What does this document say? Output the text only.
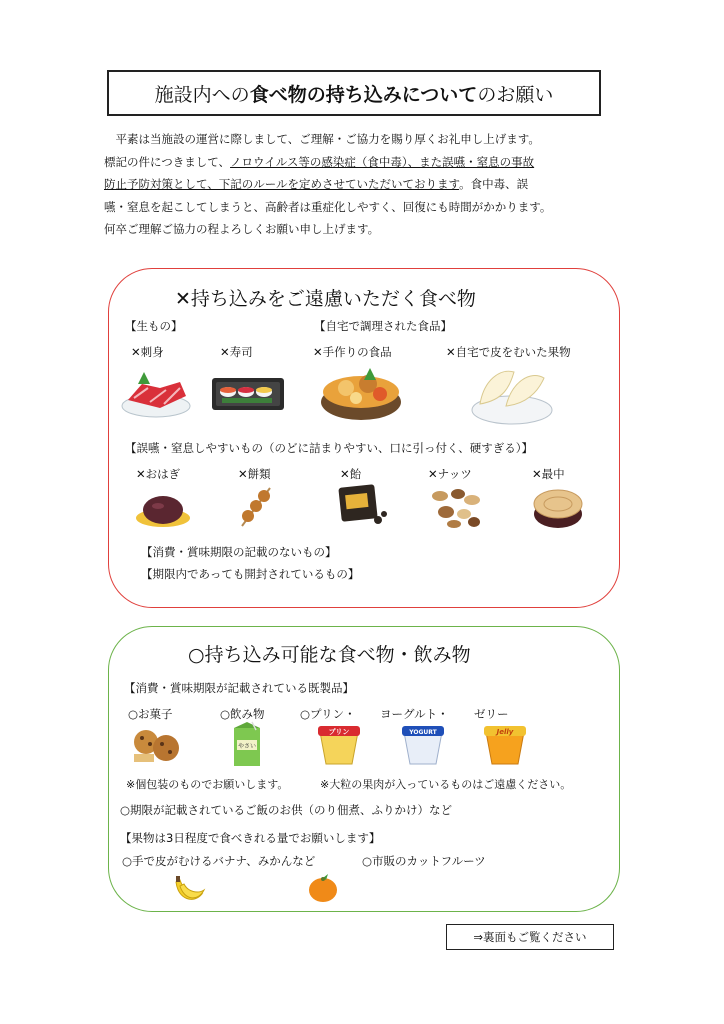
施設内への 食べ物の持ち込みについて のお願い
　平素は当施設の運営に際しまして、ご理解・ご協力を賜り厚くお礼申し上げます。
標記の件につきまして、ノロウイルス等の感染症（食中毒）、また誤嚥・窒息の事故
防止予防対策として、下記のルールを定めさせていただいております。食中毒、誤
嚥・窒息を起こしてしまうと、高齢者は重症化しやすく、回復にも時間がかかります。
何卒ご理解ご協力の程よろしくお願い申し上げます。
✕持ち込みをご遠慮いただく食べ物
【生もの】	【自宅で調理された食品】
✕刺身	✕寿司	✕手作りの食品	✕自宅で皮をむいた果物
【誤嚥・窒息しやすいもの（のどに詰まりやすい、口に引っ付く、硬すぎる）】
✕おはぎ	✕餅類	✕飴	✕ナッツ	✕最中
【消費・賞味期限の記載のないもの】
【期限内であっても開封されているもの】
○持ち込み可能な食べ物・飲み物
【消費・賞味期限が記載されている既製品】
○お菓子	○飲み物	○プリン・ ヨーグルト・ ゼリー
やさい
プリン	YOGURT	Jelly
※個包装のものでお願いします。	※大粒の果肉が入っているものはご遠慮ください。
○期限が記載されているご飯のお供（のり佃煮、ふりかけ）など
【果物は3日程度で食べきれる量でお願いします】
○手で皮がむけるバナナ、みかんなど	○市販のカットフルーツ
⇒裏面もご覧ください
